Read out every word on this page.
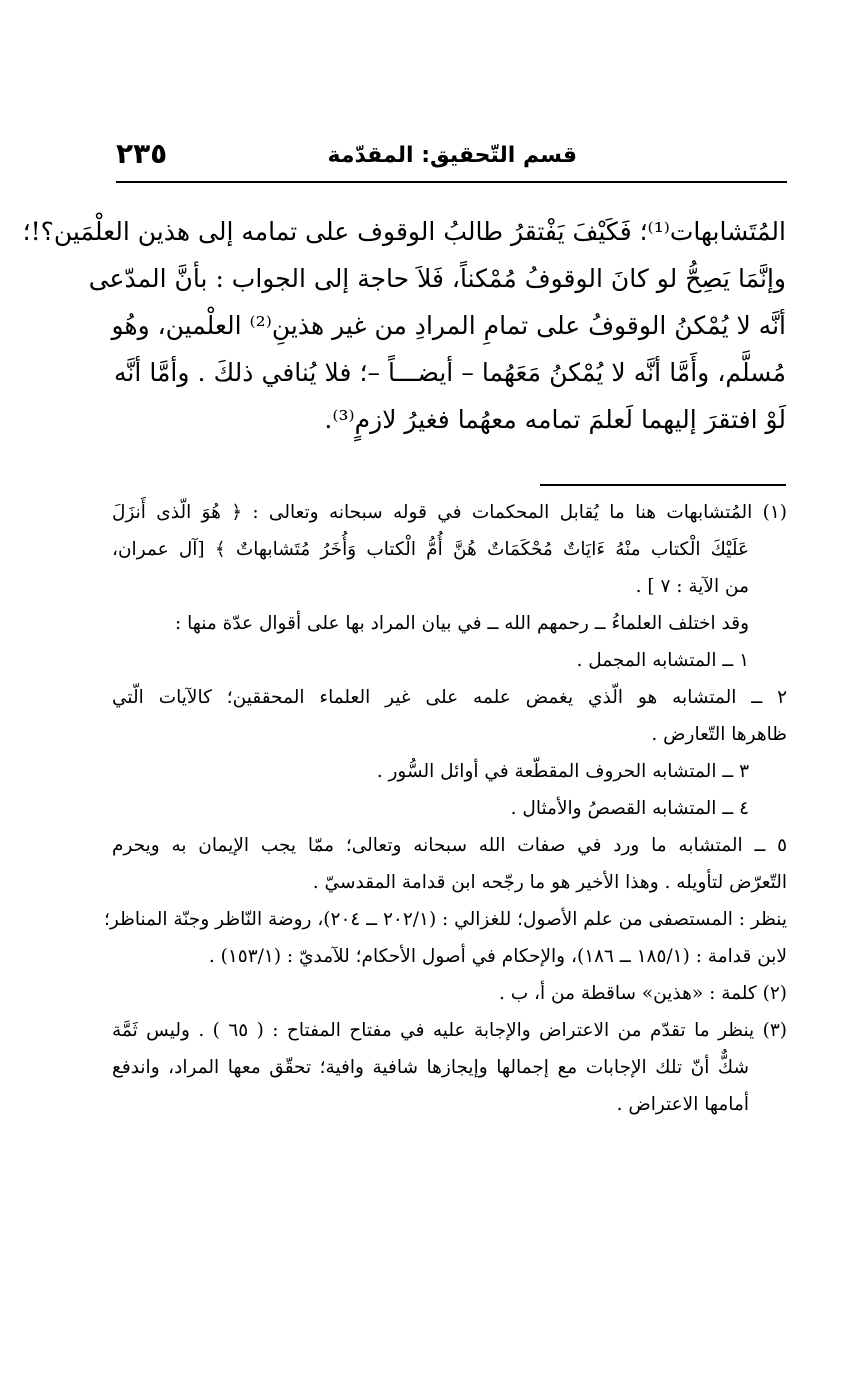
قسم التّحقيق: المقدّمة
٢٣٥
المُتَشابهات⁽¹⁾؛ فَكَيْفَ يَفْتقرُ طالبُ الوقوف على تمامه إلى هذين العلْمَين؟!؛
وإنَّمَا يَصِحُّ لو كانَ الوقوفُ مُمْكناً، فَلاَ حاجة إلى الجواب : بأنَّ المدّعى
أنَّه لا يُمْكنُ الوقوفُ على تمامِ المرادِ من غير هذينِ⁽²⁾ العلْمين، وهُو
مُسلَّم، وأَمَّا أنَّه لا يُمْكنُ مَعَهُما – أيضـــاً –؛ فلا يُنافي ذلكَ . وأمَّا أنَّه
لَوْ افتقرَ إليهما لَعلمَ تمامه معهُما فغيرُ لازمٍ⁽³⁾.
(١) المُتشابهات هنا ما يُقابل المحكمات في قوله سبحانه وتعالى : ﴿ هُوَ الّذى أَنزَلَ
عَلَيْكَ الْكتاب منْهُ ءَايَاتٌ مُحْكَمَاتٌ هُنَّ أُمُّ الْكتاب وَأُخَرُ مُتَشابهاتٌ ﴾ [آل عمران،
من الآية : ٧ ] .
وقد اختلف العلماءُ ــ رحمهم الله ــ في بيان المراد بها على أقوال عدّة منها :
١ ــ المتشابه المجمل .
٢ ــ المتشابه هو الّذي يغمض علمه على غير العلماء المحققين؛ كالآيات الّتي
ظاهرها التّعارض .
٣ ــ المتشابه الحروف المقطّعة في أوائل السُّور .
٤ ــ المتشابه القصصُ والأمثال .
٥ ــ المتشابه ما ورد في صفات الله سبحانه وتعالى؛ ممّا يجب الإيمان به ويحرم
التّعرّض لتأويله . وهذا الأخير هو ما رجّحه ابن قدامة المقدسيّ .
ينظر : المستصفى من علم الأصول؛ للغزالي : (٢٠٢/١ ــ ٢٠٤)، روضة النّاظر وجنّة المناظر؛
لابن قدامة : (١٨٥/١ ــ ١٨٦)، والإحكام في أصول الأحكام؛ للآمديّ : (١٥٣/١) .
(٢) كلمة : «هذين» ساقطة من أ، ب .
(٣) ينظر ما تقدّم من الاعتراض والإجابة عليه في مفتاح المفتاح : ( ٦٥ ) . وليس ثَمَّة
شكٌّ أنّ تلك الإجابات مع إجمالها وإيجازها شافية وافية؛ تحقّق معها المراد، واندفع
أمامها الاعتراض .
